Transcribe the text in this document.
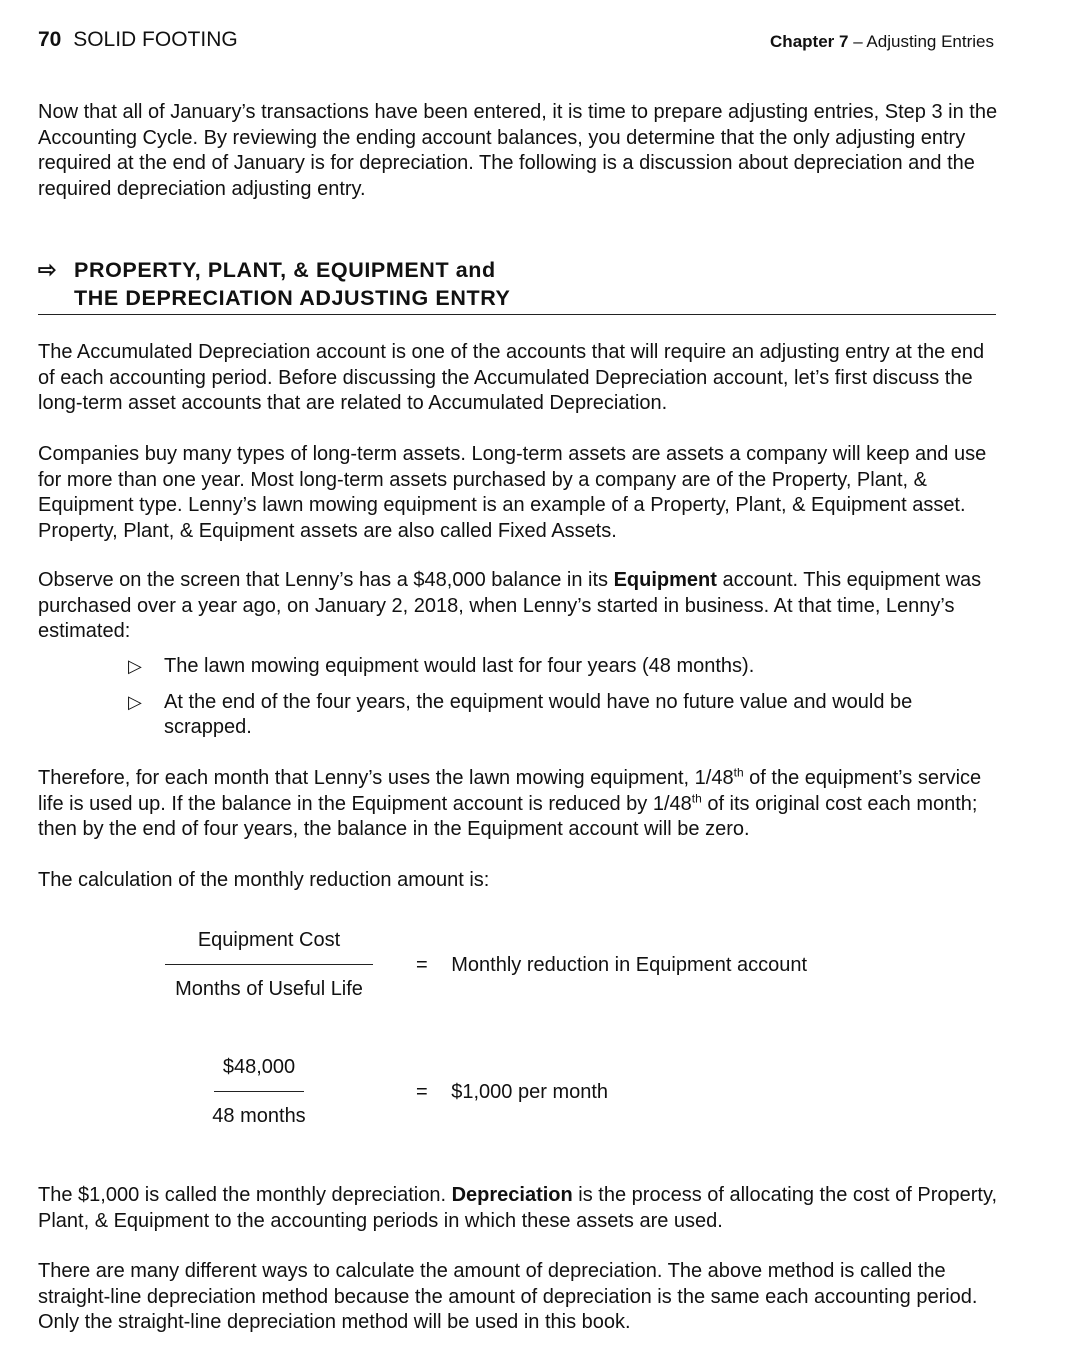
70 SOLID FOOTING	Chapter 7 – Adjusting Entries

Now that all of January’s transactions have been entered, it is time to prepare adjusting entries, Step 3 in the Accounting Cycle. By reviewing the ending account balances, you determine that the only adjusting entry required at the end of January is for depreciation. The following is a discussion about depreciation and the required depreciation adjusting entry.

⇨ PROPERTY, PLANT, & EQUIPMENT and
THE DEPRECIATION ADJUSTING ENTRY

The Accumulated Depreciation account is one of the accounts that will require an adjusting entry at the end of each accounting period. Before discussing the Accumulated Depreciation account, let’s first discuss the long-term asset accounts that are related to Accumulated Depreciation.

Companies buy many types of long-term assets. Long-term assets are assets a company will keep and use for more than one year. Most long-term assets purchased by a company are of the Property, Plant, & Equipment type. Lenny’s lawn mowing equipment is an example of a Property, Plant, & Equipment asset. Property, Plant, & Equipment assets are also called Fixed Assets.

Observe on the screen that Lenny’s has a $48,000 balance in its Equipment account. This equipment was purchased over a year ago, on January 2, 2018, when Lenny’s started in business. At that time, Lenny’s estimated:

▷ The lawn mowing equipment would last for four years (48 months).
▷ At the end of the four years, the equipment would have no future value and would be scrapped.

Therefore, for each month that Lenny’s uses the lawn mowing equipment, 1/48th of the equipment’s service life is used up. If the balance in the Equipment account is reduced by 1/48th of its original cost each month; then by the end of four years, the balance in the Equipment account will be zero.

The calculation of the monthly reduction amount is:

Equipment Cost
Months of Useful Life
= Monthly reduction in Equipment account
$48,000
48 months
= $1,000 per month

The $1,000 is called the monthly depreciation. Depreciation is the process of allocating the cost of Property, Plant, & Equipment to the accounting periods in which these assets are used.

There are many different ways to calculate the amount of depreciation. The above method is called the straight-line depreciation method because the amount of depreciation is the same each accounting period. Only the straight-line depreciation method will be used in this book.
